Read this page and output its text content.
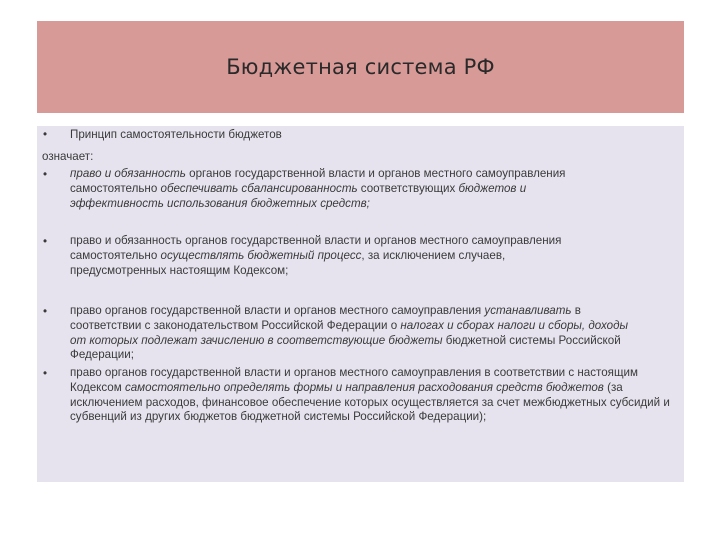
Бюджетная система РФ
• Принцип самостоятельности бюджетов
означает:
• право и обязанность органов государственной власти и органов местного самоуправления самостоятельно обеспечивать сбалансированность соответствующих бюджетов и эффективность использования бюджетных средств;
• право и обязанность органов государственной власти и органов местного самоуправления самостоятельно осуществлять бюджетный процесс, за исключением случаев, предусмотренных настоящим Кодексом;
• право органов государственной власти и органов местного самоуправления устанавливать в соответствии с законодательством Российской Федерации о налогах и сборах налоги и сборы, доходы от которых подлежат зачислению в соответствующие бюджеты бюджетной системы Российской Федерации;
• право органов государственной власти и органов местного самоуправления в соответствии с настоящим Кодексом самостоятельно определять формы и направления расходования средств бюджетов (за исключением расходов, финансовое обеспечение которых осуществляется за счет межбюджетных субсидий и субвенций из других бюджетов бюджетной системы Российской Федерации);
